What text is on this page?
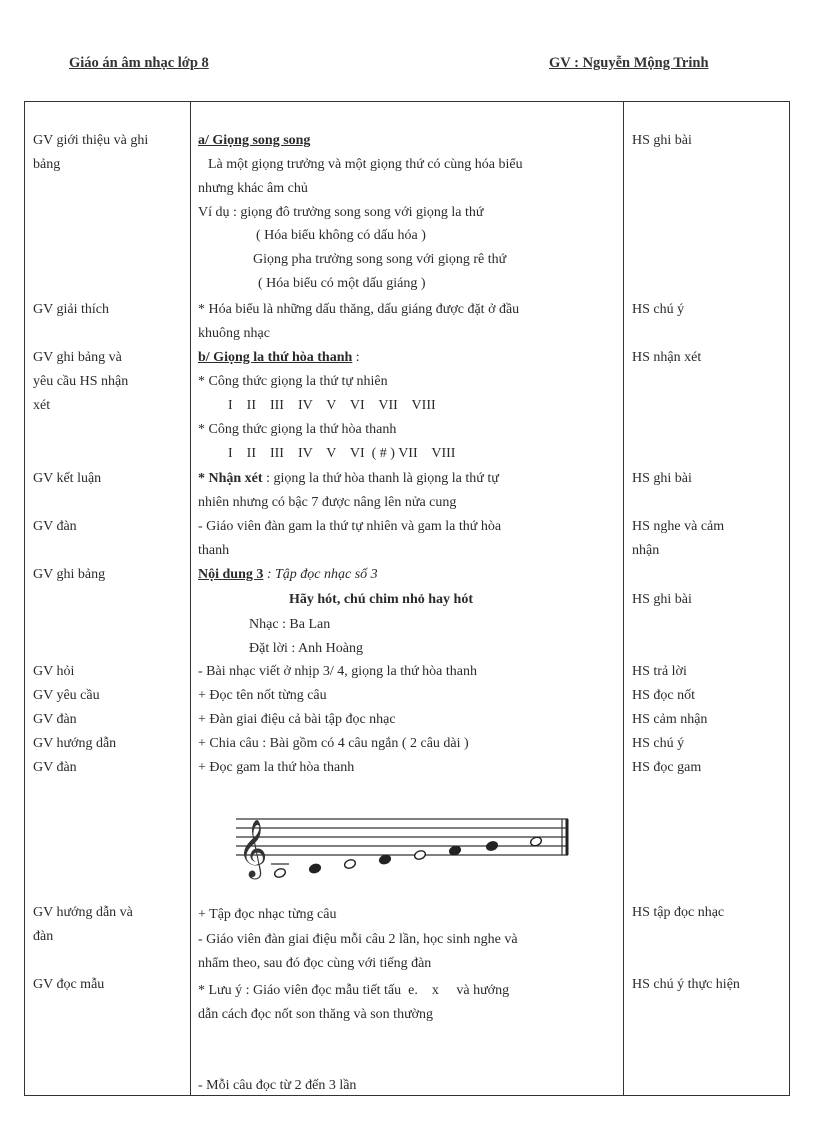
Giáo án âm nhạc lớp 8	GV : Nguyễn Mộng Trinh
GV giới thiệu và ghi
bảng
GV giải thích
GV ghi bảng và
yêu cầu HS nhận
xét
GV kết luận
GV đàn
GV ghi bảng
GV hỏi
GV yêu cầu
GV đàn
GV hướng dẫn
GV đàn
GV hướng dẫn và
đàn
GV đọc mẫu
a/ Giọng song song
Là một giọng trưởng và một giọng thứ có cùng hóa biểu
nhưng khác âm chủ
Ví dụ : giọng đô trưởng song song với giọng la thứ
( Hóa biểu không có dấu hóa )
Giọng pha trưởng song song với giọng rê thứ
( Hóa biểu có một dấu giáng )
* Hóa biểu là những dấu thăng, dấu giáng được đặt ở đầu
khuông nhạc
b/ Giọng la thứ hòa thanh :
* Công thức giọng la thứ tự nhiên
I    II    III    IV    V    VI    VII    VIII
* Công thức giọng la thứ hòa thanh
I    II    III    IV    V    VI  ( # ) VII    VIII
* Nhận xét : giọng la thứ hòa thanh là giọng la thứ tự
nhiên nhưng có bậc 7 được nâng lên nửa cung
- Giáo viên đàn gam la thứ tự nhiên và gam la thứ hòa
thanh
Nội dung 3 : Tập đọc nhạc số 3
Hãy hót, chú chim nhỏ hay hót
Nhạc : Ba Lan
Đặt lời : Anh Hoàng
- Bài nhạc viết ở nhịp 3/ 4, giọng la thứ hòa thanh
+ Đọc tên nốt từng câu
+ Đàn giai điệu cả bài tập đọc nhạc
+ Chia câu : Bài gồm có 4 câu ngắn ( 2 câu dài )
+ Đọc gam la thứ hòa thanh
𝄞
+ Tập đọc nhạc từng câu
- Giáo viên đàn giai điệu mỗi câu 2 lần, học sinh nghe và
nhẩm theo, sau đó đọc cùng với tiếng đàn
* Lưu ý : Giáo viên đọc mẫu tiết tấu  e.    x     và hướng
dẫn cách đọc nốt son thăng và son thường
- Mỗi câu đọc từ 2 đến 3 lần
HS ghi bài
HS chú ý
HS nhận xét
HS ghi bài
HS nghe và cảm
nhận
HS ghi bài
HS trả lời
HS đọc nốt
HS cảm nhận
HS chú ý
HS đọc gam
HS tập đọc nhạc
HS chú ý thực hiện
